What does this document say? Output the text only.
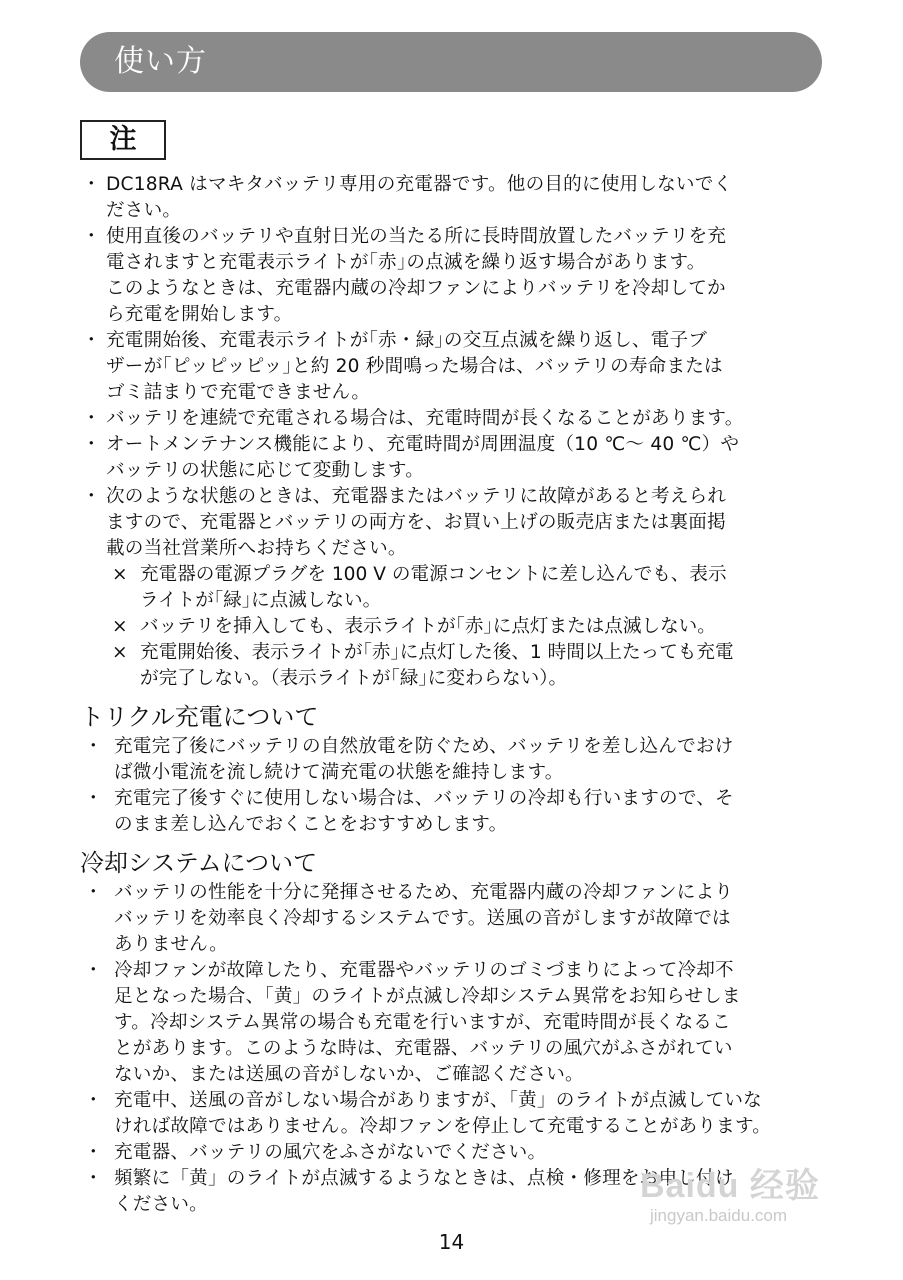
使い方
注
・ DC18RA はマキタバッテリ専用の充電器です。他の目的に使用しないでく
ださい。
・ 使用直後のバッテリや直射日光の当たる所に長時間放置したバッテリを充
電されますと充電表示ライトが｢赤｣の点滅を繰り返す場合があります。
このようなときは、充電器内蔵の冷却ファンによりバッテリを冷却してか
ら充電を開始します。
・ 充電開始後、充電表示ライトが｢赤・緑｣の交互点滅を繰り返し、電子ブ
ザーが｢ピッピッピッ｣と約 20 秒間鳴った場合は、バッテリの寿命または
ゴミ詰まりで充電できません。
・ バッテリを連続で充電される場合は、充電時間が長くなることがあります。
・ オートメンテナンス機能により、充電時間が周囲温度（10 ℃～ 40 ℃）や
バッテリの状態に応じて変動します。
・ 次のような状態のときは、充電器またはバッテリに故障があると考えられ
ますので、充電器とバッテリの両方を、お買い上げの販売店または裏面掲
載の当社営業所へお持ちください。
× 充電器の電源プラグを 100 V の電源コンセントに差し込んでも、表示
ライトが｢緑｣に点滅しない。
× バッテリを挿入しても、表示ライトが｢赤｣に点灯または点滅しない。
× 充電開始後、表示ライトが｢赤｣に点灯した後、1 時間以上たっても充電
が完了しない。（表示ライトが｢緑｣に変わらない）。
トリクル充電について
・ 充電完了後にバッテリの自然放電を防ぐため、バッテリを差し込んでおけ
ば微小電流を流し続けて満充電の状態を維持します。
・ 充電完了後すぐに使用しない場合は、バッテリの冷却も行いますので、そ
のまま差し込んでおくことをおすすめします。
冷却システムについて
・ バッテリの性能を十分に発揮させるため、充電器内蔵の冷却ファンにより
バッテリを効率良く冷却するシステムです。送風の音がしますが故障では
ありません。
・ 冷却ファンが故障したり、充電器やバッテリのゴミづまりによって冷却不
足となった場合、「黄」のライトが点滅し冷却システム異常をお知らせしま
す。冷却システム異常の場合も充電を行いますが、充電時間が長くなるこ
とがあります。このような時は、充電器、バッテリの風穴がふさがれてい
ないか、または送風の音がしないか、ご確認ください。
・ 充電中、送風の音がしない場合がありますが、「黄」のライトが点滅していな
ければ故障ではありません。冷却ファンを停止して充電することがあります。
・ 充電器、バッテリの風穴をふさがないでください。
・ 頻繁に「黄」のライトが点滅するようなときは、点検・修理をお申し付け
ください。	Baidu 经验
jingyan.baidu.com
14
